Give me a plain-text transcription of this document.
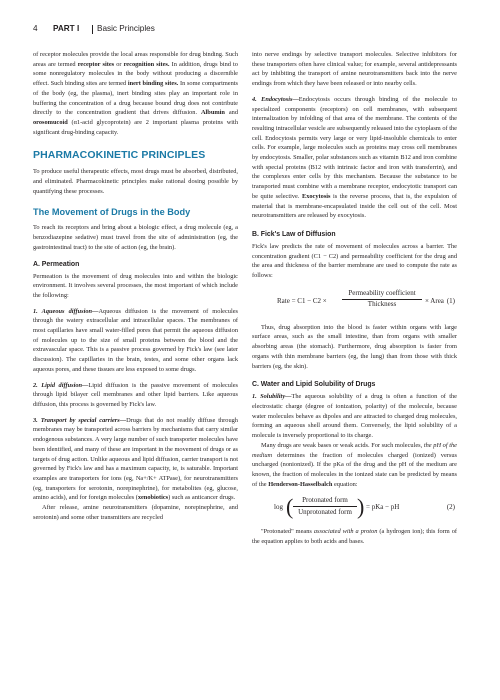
4 PART I Basic Principles

of receptor molecules provide the local areas responsible for drug binding. Such areas are termed receptor sites or recognition sites. In addition, drugs bind to some nonregulatory molecules in the body without producing a discernible effect. Such binding sites are termed inert binding sites. In some compartments of the body (eg, the plasma), inert binding sites play an important role in buffering the concentration of a drug because bound drug does not contribute directly to the concentration gradient that drives diffusion. Albumin and orosomucoid (α1-acid glycoprotein) are 2 important plasma proteins with significant drug-binding capacity.

PHARMACOKINETIC PRINCIPLES

To produce useful therapeutic effects, most drugs must be absorbed, distributed, and eliminated. Pharmacokinetic principles make rational dosing possible by quantifying these processes.

The Movement of Drugs in the Body

To reach its receptors and bring about a biologic effect, a drug molecule (eg, a benzodiazepine sedative) must travel from the site of administration (eg, the gastrointestinal tract) to the site of action (eg, the brain).

A. Permeation

Permeation is the movement of drug molecules into and within the biologic environment. It involves several processes, the most important of which include the following:

1. Aqueous diffusion—Aqueous diffusion is the movement of molecules through the watery extracellular and intracellular spaces. The membranes of most capillaries have small water-filled pores that permit the aqueous diffusion of molecules up to the size of small proteins between the blood and the extravascular space. This is a passive process governed by Fick's law (see later discussion). The capillaries in the brain, testes, and some other organs lack aqueous pores, and these tissues are less exposed to some drugs.

2. Lipid diffusion—Lipid diffusion is the passive movement of molecules through lipid bilayer cell membranes and other lipid barriers. Like aqueous diffusion, this process is governed by Fick's law.

3. Transport by special carriers—Drugs that do not readily diffuse through membranes may be transported across barriers by mechanisms that carry similar endogenous substances. A very large number of such transporter molecules have been identified, and many of these are important in the movement of drugs or as targets of drug action. Unlike aqueous and lipid diffusion, carrier transport is not governed by Fick's law and has a maximum capacity, ie, is saturable. Important examples are transporters for ions (eg, Na+/K+ ATPase), for neurotransmitters (eg, transporters for serotonin, norepinephrine), for metabolites (eg, glucose, amino acids), and for foreign molecules (xenobiotics) such as anticancer drugs.

After release, amine neurotransmitters (dopamine, norepinephrine, and serotonin) and some other transmitters are recycled

into nerve endings by selective transport molecules. Selective inhibitors for these transporters often have clinical value; for example, several antidepressants act by inhibiting the transport of amine neurotransmitters back into the nerve endings from which they have been released or into nearby cells.

4. Endocytosis—Endocytosis occurs through binding of the molecule to specialized components (receptors) on cell membranes, with subsequent internalization by infolding of that area of the membrane. The contents of the resulting intracellular vesicle are subsequently released into the cytoplasm of the cell. Endocytosis permits very large or very lipid-insoluble chemicals to enter cells. For example, large molecules such as proteins may cross cell membranes by endocytosis. Smaller, polar substances such as vitamin B12 and iron combine with special proteins (B12 with intrinsic factor and iron with transferrin), and the complexes enter cells by this mechanism. Because the substance to be transported must combine with a membrane receptor, endocytotic transport can be quite selective. Exocytosis is the reverse process, that is, the expulsion of material that is membrane-encapsulated inside the cell out of the cell. Most neurotransmitters are released by exocytosis.

B. Fick's Law of Diffusion

Fick's law predicts the rate of movement of molecules across a barrier. The concentration gradient (C1 − C2) and permeability coefficient for the drug and the area and thickness of the barrier membrane are used to compute the rate as follows:

Rate = C1 − C2 ×
Permeability coefficient
Thickness	× Area (1)

Thus, drug absorption into the blood is faster within organs with large surface areas, such as the small intestine, than from organs with smaller absorbing areas (the stomach). Furthermore, drug absorption is faster from organs with thin membrane barriers (eg, the lung) than from those with thick barriers (eg, the skin).

C. Water and Lipid Solubility of Drugs

1. Solubility—The aqueous solubility of a drug is often a function of the electrostatic charge (degree of ionization, polarity) of the molecule, because water molecules behave as dipoles and are attracted to charged drug molecules, forming an aqueous shell around them. Conversely, the lipid solubility of a molecule is inversely proportional to its charge.

Many drugs are weak bases or weak acids. For such molecules, the pH of the medium determines the fraction of molecules charged (ionized) versus uncharged (nonionized). If the pKa of the drug and the pH of the medium are known, the fraction of molecules in the ionized state can be predicted by means of the Henderson-Hasselbalch equation:

log (	Protonated form
Unprotonated form ) = pKa − pH	(2)

"Protonated" means associated with a proton (a hydrogen ion); this form of the equation applies to both acids and bases.
